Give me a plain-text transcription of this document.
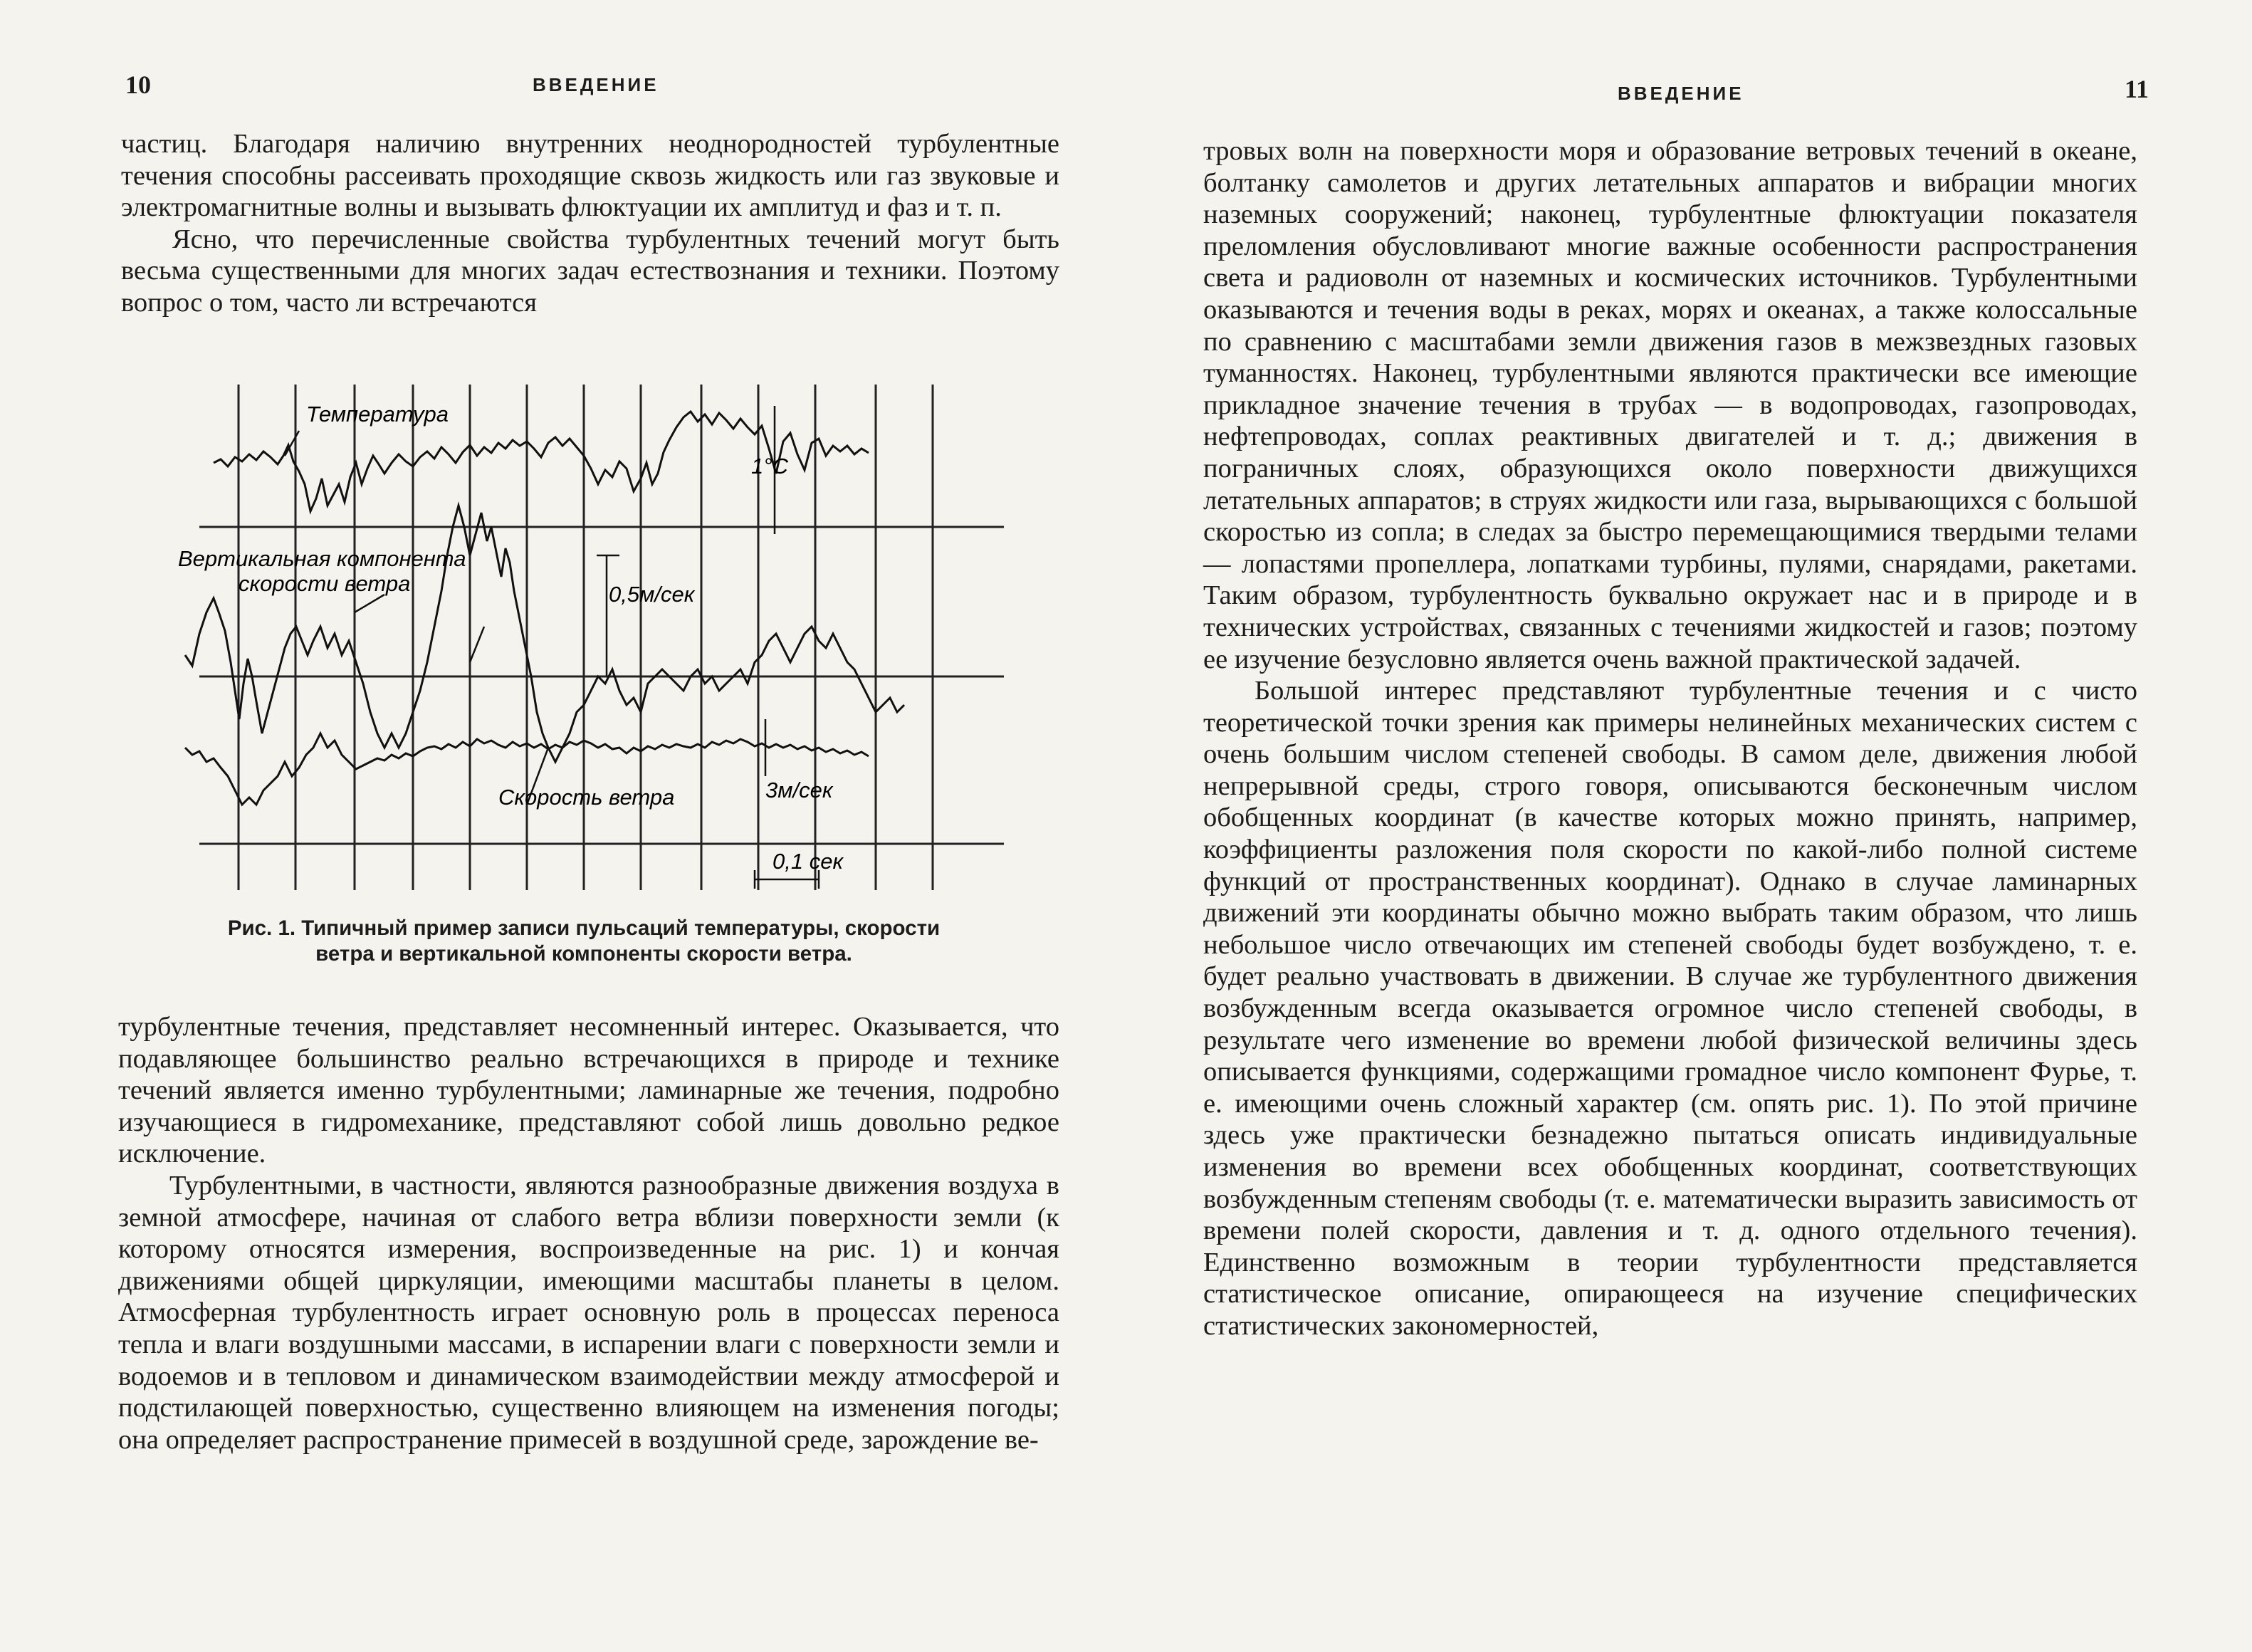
10	ВВЕДЕНИЕ

частиц. Благодаря наличию внутренних неоднородностей турбулентные течения способны рассеивать проходящие сквозь жидкость или газ звуковые и электромагнитные волны и вызывать флюктуации их амплитуд и фаз и т. п.

Ясно, что перечисленные свойства турбулентных течений могут быть весьма существенными для многих задач естествознания и техники. Поэтому вопрос о том, часто ли встречаются

Температура
Вертикальная компонента
скорости ветра
Скорость ветра
1°C
0,5м/сек
3м/сек
0,1 сек
Рис. 1. Типичный пример записи пульсаций температуры, скорости
ветра и вертикальной компоненты скорости ветра.

турбулентные течения, представляет несомненный интерес. Оказывается, что подавляющее большинство реально встречающихся в природе и технике течений является именно турбулентными; ламинарные же течения, подробно изучающиеся в гидромеханике, представляют собой лишь довольно редкое исключение.

Турбулентными, в частности, являются разнообразные движения воздуха в земной атмосфере, начиная от слабого ветра вблизи поверхности земли (к которому относятся измерения, воспроизведенные на рис. 1) и кончая движениями общей циркуляции, имеющими масштабы планеты в целом. Атмосферная турбулентность играет основную роль в процессах переноса тепла и влаги воздушными массами, в испарении влаги с поверхности земли и водоемов и в тепловом и динамическом взаимодействии между атмосферой и подстилающей поверхностью, существенно влияющем на изменения погоды; она определяет распространение примесей в воздушной среде, зарождение ве-

ВВЕДЕНИЕ	11

тровых волн на поверхности моря и образование ветровых течений в океане, болтанку самолетов и других летательных аппаратов и вибрации многих наземных сооружений; наконец, турбулентные флюктуации показателя преломления обусловливают многие важные особенности распространения света и радиоволн от наземных и космических источников. Турбулентными оказываются и течения воды в реках, морях и океанах, а также колоссальные по сравнению с масштабами земли движения газов в межзвездных газовых туманностях. Наконец, турбулентными являются практически все имеющие прикладное значение течения в трубах — в водопроводах, газопроводах, нефтепроводах, соплах реактивных двигателей и т. д.; движения в пограничных слоях, образующихся около поверхности движущихся летательных аппаратов; в струях жидкости или газа, вырывающихся с большой скоростью из сопла; в следах за быстро перемещающимися твердыми телами — лопастями пропеллера, лопатками турбины, пулями, снарядами, ракетами. Таким образом, турбулентность буквально окружает нас и в природе и в технических устройствах, связанных с течениями жидкостей и газов; поэтому ее изучение безусловно является очень важной практической задачей.

Большой интерес представляют турбулентные течения и с чисто теоретической точки зрения как примеры нелинейных механических систем с очень большим числом степеней свободы. В самом деле, движения любой непрерывной среды, строго говоря, описываются бесконечным числом обобщенных координат (в качестве которых можно принять, например, коэффициенты разложения поля скорости по какой-либо полной системе функций от пространственных координат). Однако в случае ламинарных движений эти координаты обычно можно выбрать таким образом, что лишь небольшое число отвечающих им степеней свободы будет возбуждено, т. е. будет реально участвовать в движении. В случае же турбулентного движения возбужденным всегда оказывается огромное число степеней свободы, в результате чего изменение во времени любой физической величины здесь описывается функциями, содержащими громадное число компонент Фурье, т. е. имеющими очень сложный характер (см. опять рис. 1). По этой причине здесь уже практически безнадежно пытаться описать индивидуальные изменения во времени всех обобщенных координат, соответствующих возбужденным степеням свободы (т. е. математически выразить зависимость от времени полей скорости, давления и т. д. одного отдельного течения). Единственно возможным в теории турбулентности представляется статистическое описание, опирающееся на изучение специфических статистических закономерностей,
